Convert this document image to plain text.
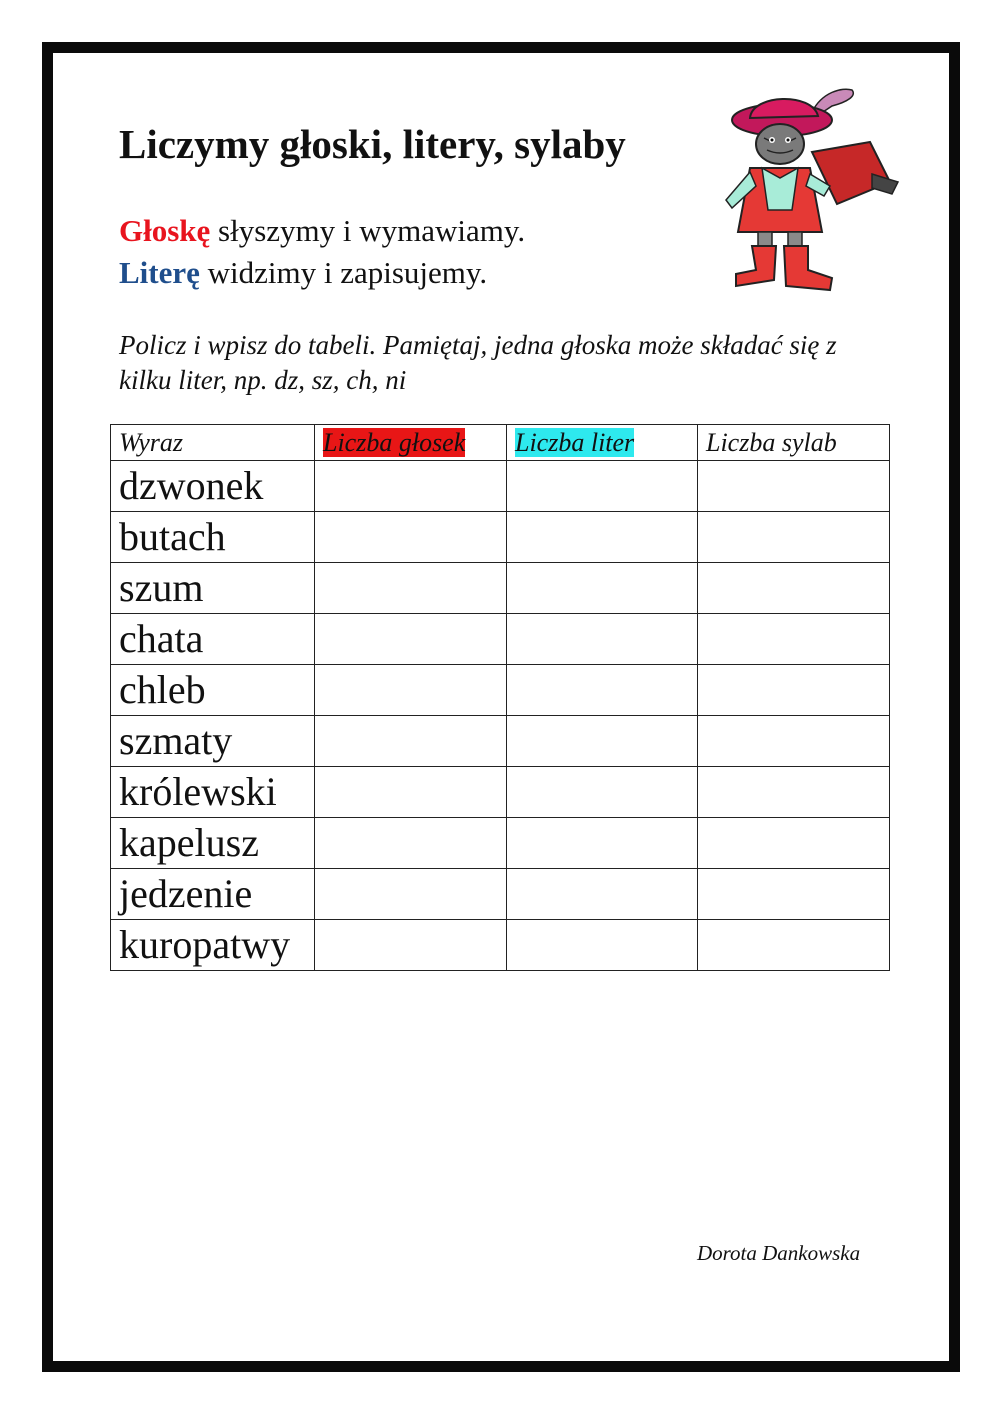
Liczymy głoski, litery, sylaby
Głoskę słyszymy i wymawiamy.
Literę widzimy i zapisujemy.
Policz i wpisz do tabeli. Pamiętaj, jedna głoska może składać się z kilku liter, np. dz, sz, ch, ni
Wyraz	Liczba głosek	Liczba liter	Liczba sylab
dzwonek			
butach			
szum			
chata			
chleb			
szmaty			
królewski			
kapelusz			
jedzenie			
kuropatwy			
Dorota Dankowska
